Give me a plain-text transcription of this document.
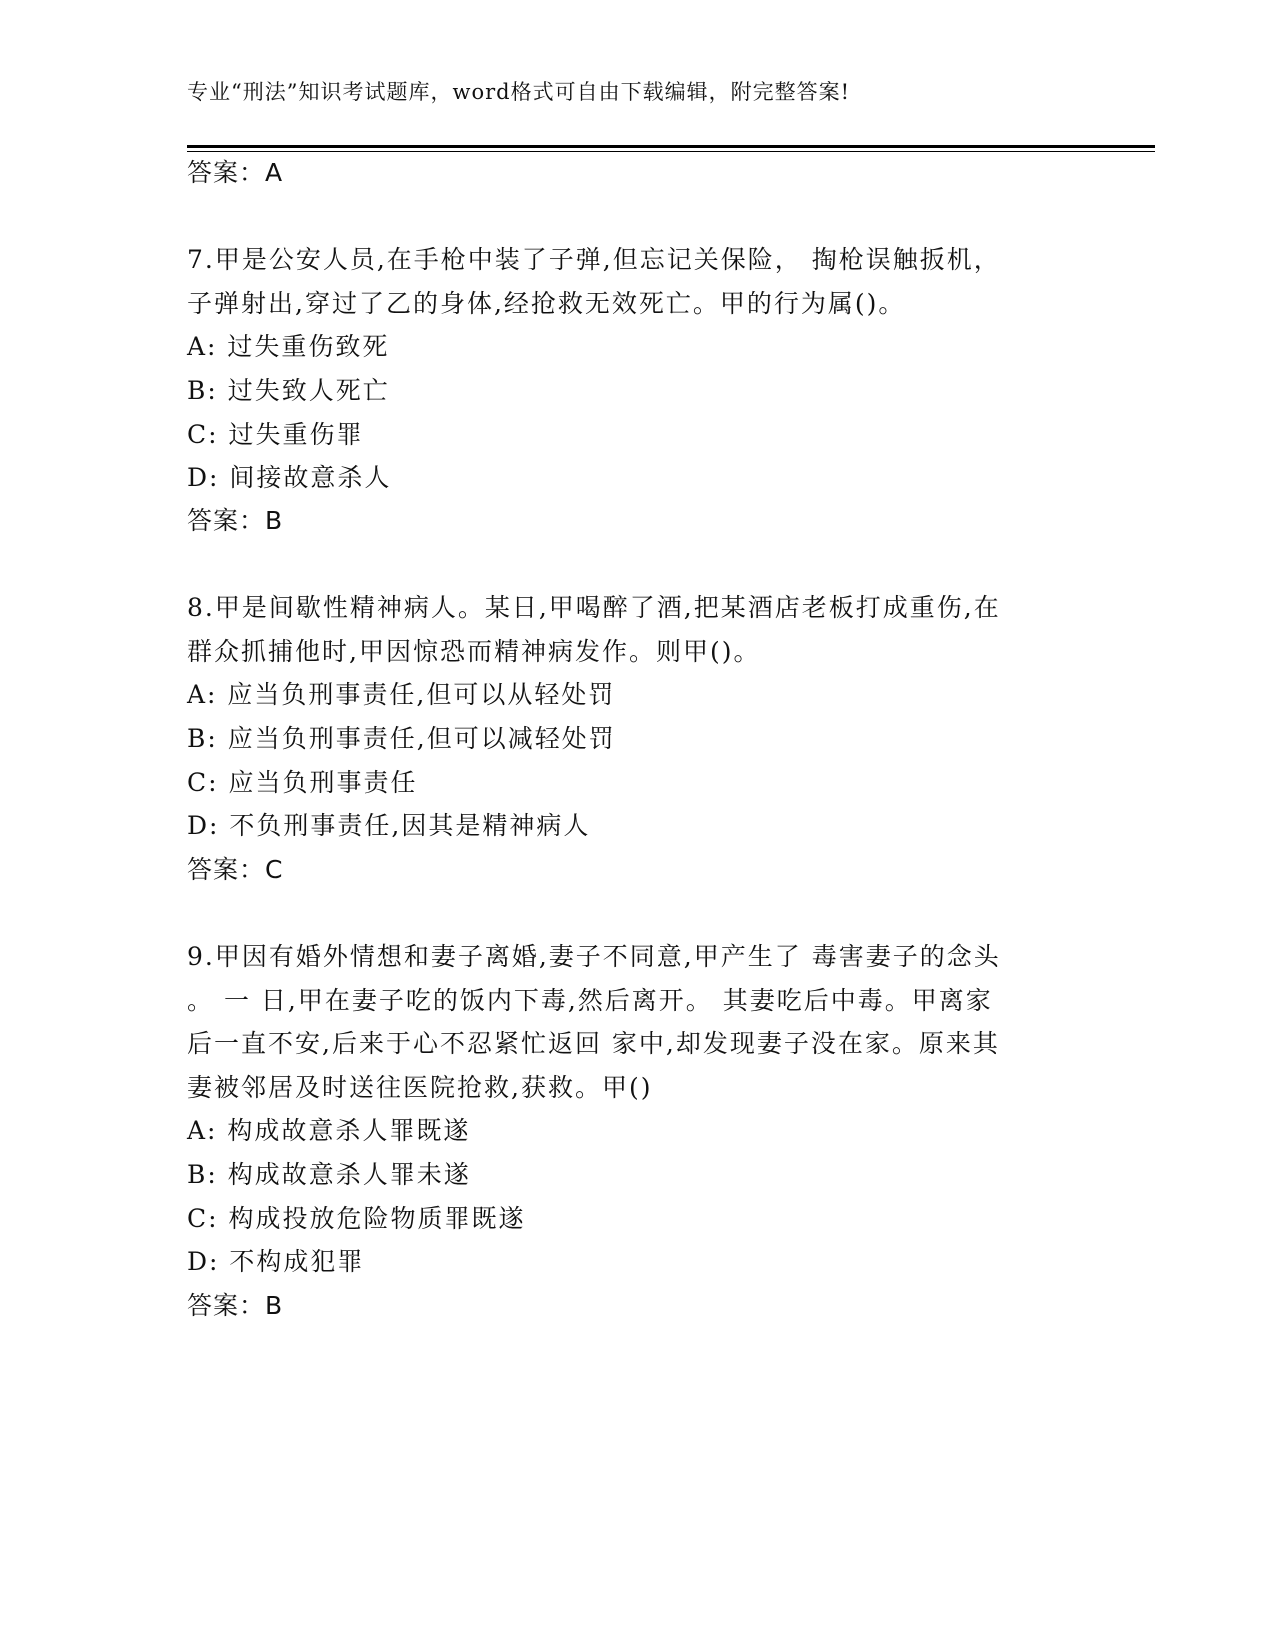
专业“刑法”知识考试题库，word格式可自由下载编辑，附完整答案!
答案：A
7.甲是公安人员,在手枪中装了子弹,但忘记关保险， 掏枪误触扳机，
子弹射出,穿过了乙的身体,经抢救无效死亡。甲的行为属()。
A: 过失重伤致死
B: 过失致人死亡
C: 过失重伤罪
D: 间接故意杀人
答案：B
8.甲是间歇性精神病人。某日,甲喝醉了酒,把某酒店老板打成重伤,在
群众抓捕他时,甲因惊恐而精神病发作。则甲()。
A: 应当负刑事责任,但可以从轻处罚
B: 应当负刑事责任,但可以减轻处罚
C: 应当负刑事责任
D: 不负刑事责任,因其是精神病人
答案：C
9.甲因有婚外情想和妻子离婚,妻子不同意,甲产生了 毒害妻子的念头
。 一 日,甲在妻子吃的饭内下毒,然后离开。 其妻吃后中毒。甲离家
后一直不安,后来于心不忍紧忙返回 家中,却发现妻子没在家。原来其
妻被邻居及时送往医院抢救,获救。甲()
A: 构成故意杀人罪既遂
B: 构成故意杀人罪未遂
C: 构成投放危险物质罪既遂
D: 不构成犯罪
答案：B
